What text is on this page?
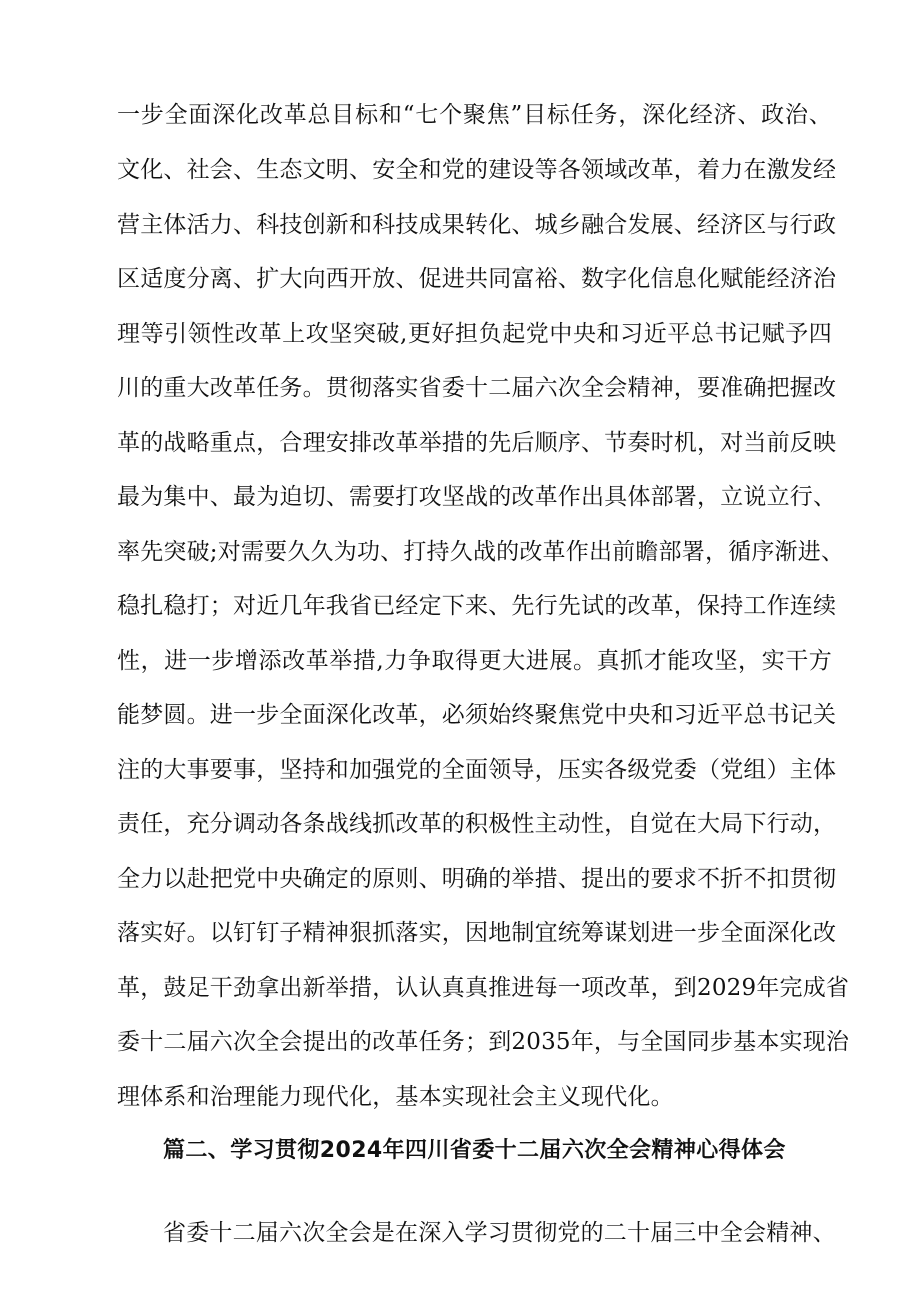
一步全面深化改革总目标和“七个聚焦”目标任务，深化经济、政治、
文化、社会、生态文明、安全和党的建设等各领域改革，着力在激发经
营主体活力、科技创新和科技成果转化、城乡融合发展、经济区与行政
区适度分离、扩大向西开放、促进共同富裕、数字化信息化赋能经济治
理等引领性改革上攻坚突破,更好担负起党中央和习近平总书记赋予四
川的重大改革任务。贯彻落实省委十二届六次全会精神，要准确把握改
革的战略重点，合理安排改革举措的先后顺序、节奏时机，对当前反映
最为集中、最为迫切、需要打攻坚战的改革作出具体部署，立说立行、
率先突破;对需要久久为功、打持久战的改革作出前瞻部署，循序渐进、
稳扎稳打；对近几年我省已经定下来、先行先试的改革，保持工作连续
性，进一步增添改革举措,力争取得更大进展。真抓才能攻坚，实干方
能梦圆。进一步全面深化改革，必须始终聚焦党中央和习近平总书记关
注的大事要事，坚持和加强党的全面领导，压实各级党委（党组）主体
责任，充分调动各条战线抓改革的积极性主动性，自觉在大局下行动，
全力以赴把党中央确定的原则、明确的举措、提出的要求不折不扣贯彻
落实好。以钉钉子精神狠抓落实，因地制宜统筹谋划进一步全面深化改
革，鼓足干劲拿出新举措，认认真真推进每一项改革，到2029年完成省
委十二届六次全会提出的改革任务；到2035年，与全国同步基本实现治
理体系和治理能力现代化，基本实现社会主义现代化。
篇二、学习贯彻2024年四川省委十二届六次全会精神心得体会
省委十二届六次全会是在深入学习贯彻党的二十届三中全会精神、
